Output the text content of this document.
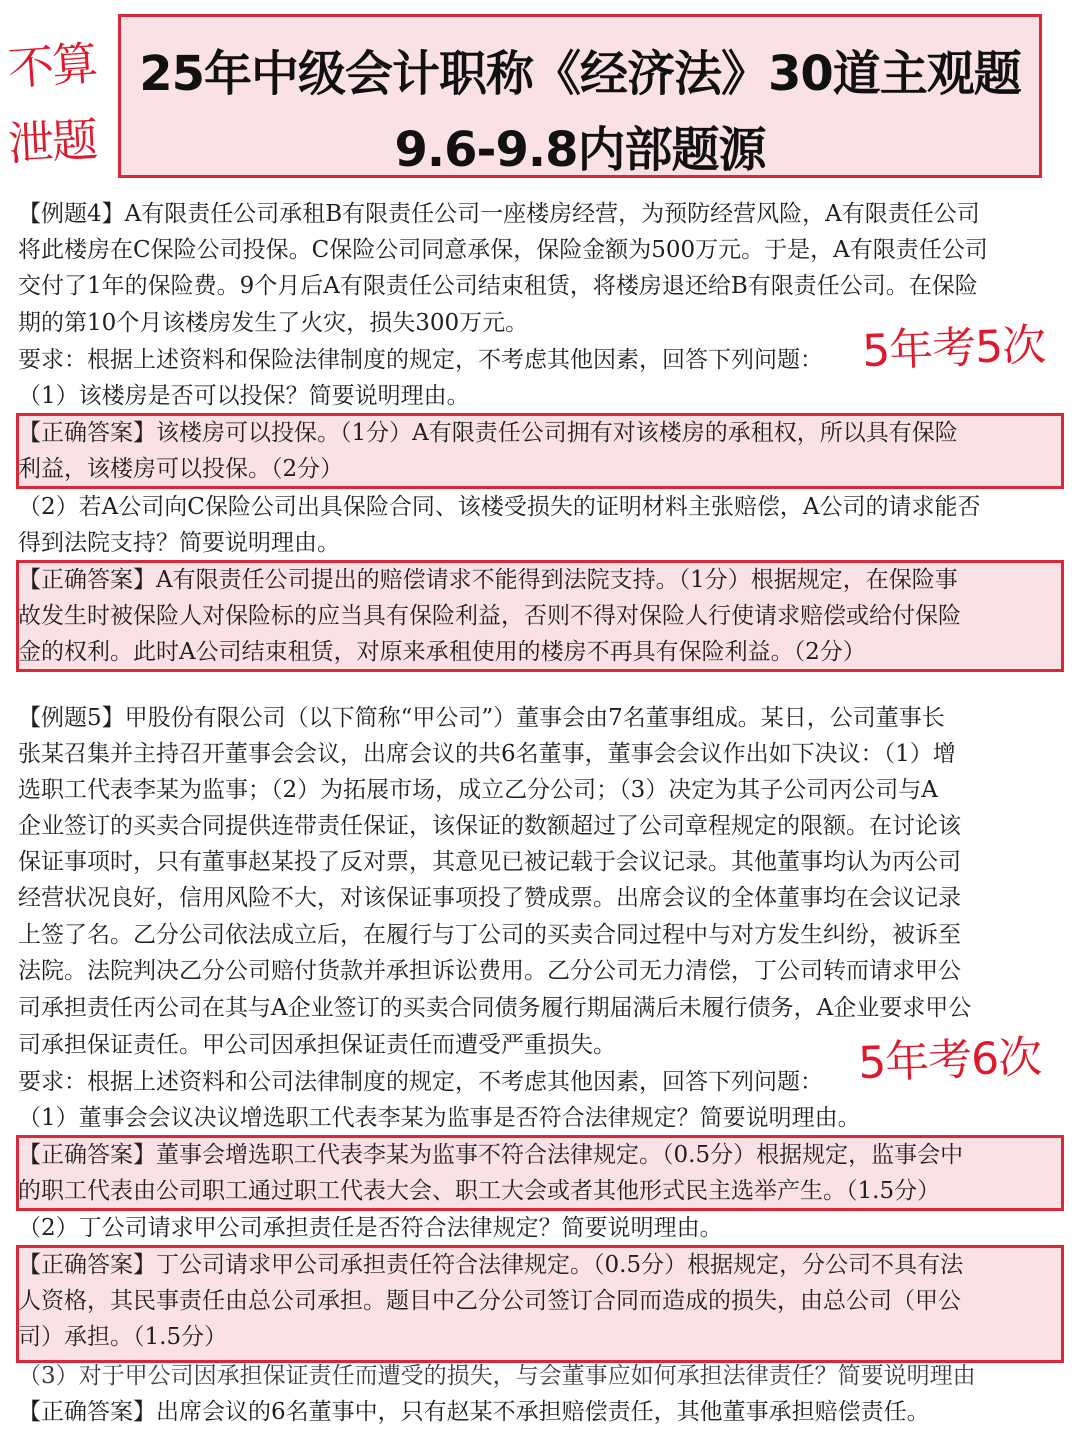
不算
泄题
25年中级会计职称《经济法》30道主观题
9.6-9.8内部题源
【例题4】A有限责任公司承租B有限责任公司一座楼房经营，为预防经营风险，A有限责任公司
将此楼房在C保险公司投保。C保险公司同意承保，保险金额为500万元。于是，A有限责任公司
交付了1年的保险费。9个月后A有限责任公司结束租赁，将楼房退还给B有限责任公司。在保险
期的第10个月该楼房发生了火灾，损失300万元。
要求：根据上述资料和保险法律制度的规定，不考虑其他因素，回答下列问题：
（1）该楼房是否可以投保？简要说明理由。
5年考5次
【正确答案】该楼房可以投保。（1分）A有限责任公司拥有对该楼房的承租权，所以具有保险
利益，该楼房可以投保。（2分）
（2）若A公司向C保险公司出具保险合同、该楼受损失的证明材料主张赔偿，A公司的请求能否
得到法院支持？简要说明理由。
【正确答案】A有限责任公司提出的赔偿请求不能得到法院支持。（1分）根据规定，在保险事
故发生时被保险人对保险标的应当具有保险利益，否则不得对保险人行使请求赔偿或给付保险
金的权利。此时A公司结束租赁，对原来承租使用的楼房不再具有保险利益。（2分）
【例题5】甲股份有限公司（以下简称“甲公司”）董事会由7名董事组成。某日，公司董事长
张某召集并主持召开董事会会议，出席会议的共6名董事，董事会会议作出如下决议：（1）增
选职工代表李某为监事；（2）为拓展市场，成立乙分公司；（3）决定为其子公司丙公司与A
企业签订的买卖合同提供连带责任保证，该保证的数额超过了公司章程规定的限额。在讨论该
保证事项时，只有董事赵某投了反对票，其意见已被记载于会议记录。其他董事均认为丙公司
经营状况良好，信用风险不大，对该保证事项投了赞成票。出席会议的全体董事均在会议记录
上签了名。乙分公司依法成立后，在履行与丁公司的买卖合同过程中与对方发生纠纷，被诉至
法院。法院判决乙分公司赔付货款并承担诉讼费用。乙分公司无力清偿，丁公司转而请求甲公
司承担责任丙公司在其与A企业签订的买卖合同债务履行期届满后未履行债务，A企业要求甲公
司承担保证责任。甲公司因承担保证责任而遭受严重损失。	5年考6次
要求：根据上述资料和公司法律制度的规定，不考虑其他因素，回答下列问题：
（1）董事会会议决议增选职工代表李某为监事是否符合法律规定？简要说明理由。
【正确答案】董事会增选职工代表李某为监事不符合法律规定。（0.5分）根据规定，监事会中
的职工代表由公司职工通过职工代表大会、职工大会或者其他形式民主选举产生。（1.5分）
（2）丁公司请求甲公司承担责任是否符合法律规定？简要说明理由。
【正确答案】丁公司请求甲公司承担责任符合法律规定。（0.5分）根据规定，分公司不具有法
人资格，其民事责任由总公司承担。题目中乙分公司签订合同而造成的损失，由总公司（甲公
司）承担。（1.5分）
（3）对于甲公司因承担保证责任而遭受的损失，与会董事应如何承担法律责任？简要说明理由
【正确答案】出席会议的6名董事中，只有赵某不承担赔偿责任，其他董事承担赔偿责任。
